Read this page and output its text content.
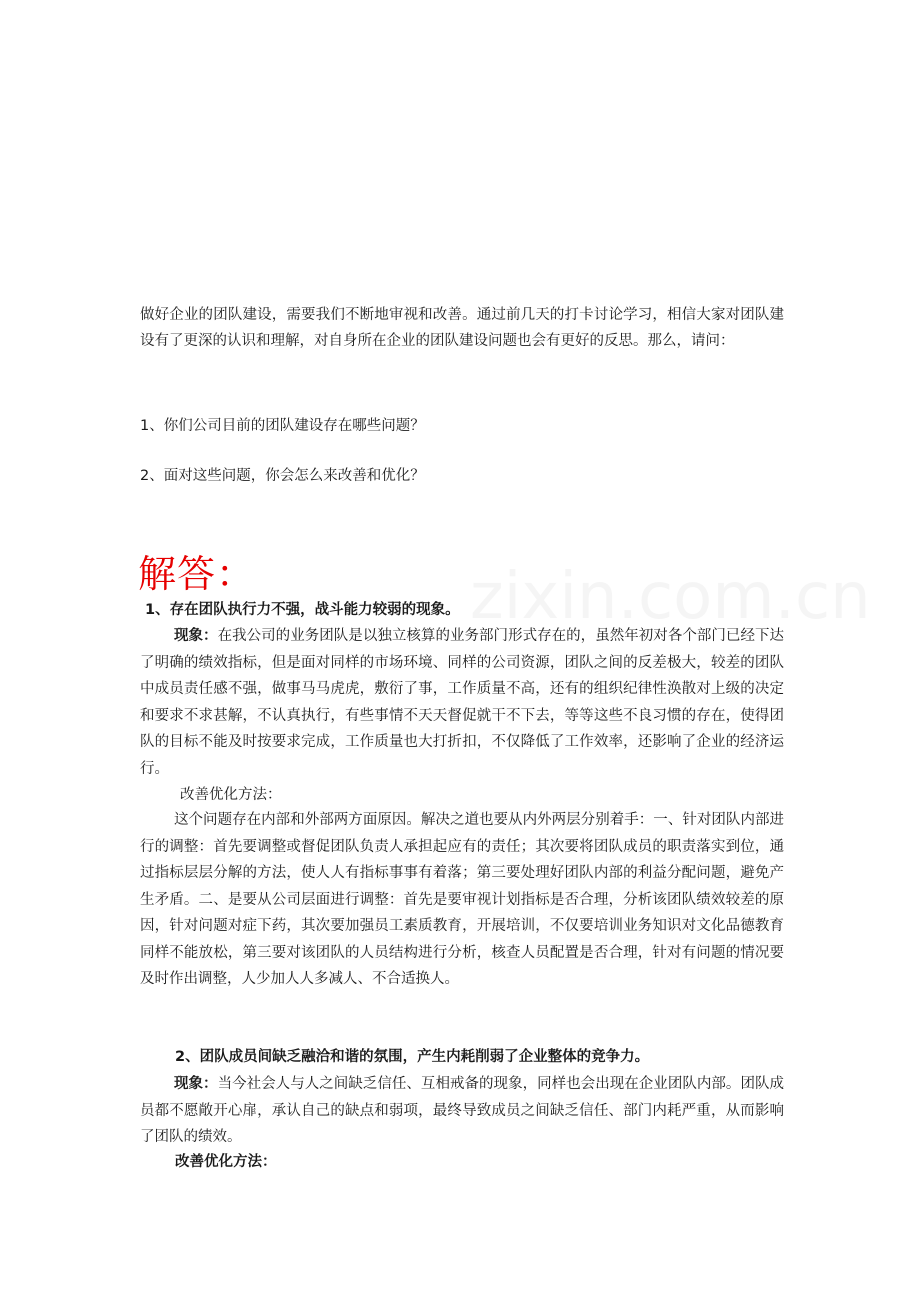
zixin.com.cn

做好企业的团队建设，需要我们不断地审视和改善。通过前几天的打卡讨论学习，相信大家对团队建设有了更深的认识和理解，对自身所在企业的团队建设问题也会有更好的反思。那么，请问：

1、你们公司目前的团队建设存在哪些问题？

2、面对这些问题，你会怎么来改善和优化？

解答：

1、存在团队执行力不强，战斗能力较弱的现象。

现象：在我公司的业务团队是以独立核算的业务部门形式存在的，虽然年初对各个部门已经下达了明确的绩效指标，但是面对同样的市场环境、同样的公司资源，团队之间的反差极大，较差的团队中成员责任感不强，做事马马虎虎，敷衍了事，工作质量不高，还有的组织纪律性涣散对上级的决定和要求不求甚解，不认真执行，有些事情不天天督促就干不下去，等等这些不良习惯的存在，使得团队的目标不能及时按要求完成，工作质量也大打折扣，不仅降低了工作效率，还影响了企业的经济运行。

改善优化方法：

这个问题存在内部和外部两方面原因。解决之道也要从内外两层分别着手：一、针对团队内部进行的调整：首先要调整或督促团队负责人承担起应有的责任；其次要将团队成员的职责落实到位，通过指标层层分解的方法，使人人有指标事事有着落；第三要处理好团队内部的利益分配问题，避免产生矛盾。二、是要从公司层面进行调整：首先是要审视计划指标是否合理，分析该团队绩效较差的原因，针对问题对症下药，其次要加强员工素质教育，开展培训，不仅要培训业务知识对文化品德教育同样不能放松，第三要对该团队的人员结构进行分析，核查人员配置是否合理，针对有问题的情况要及时作出调整，人少加人人多减人、不合适换人。

2、团队成员间缺乏融洽和谐的氛围，产生内耗削弱了企业整体的竞争力。

现象：当今社会人与人之间缺乏信任、互相戒备的现象，同样也会出现在企业团队内部。团队成员都不愿敞开心扉，承认自己的缺点和弱项，最终导致成员之间缺乏信任、部门内耗严重，从而影响了团队的绩效。

改善优化方法：
